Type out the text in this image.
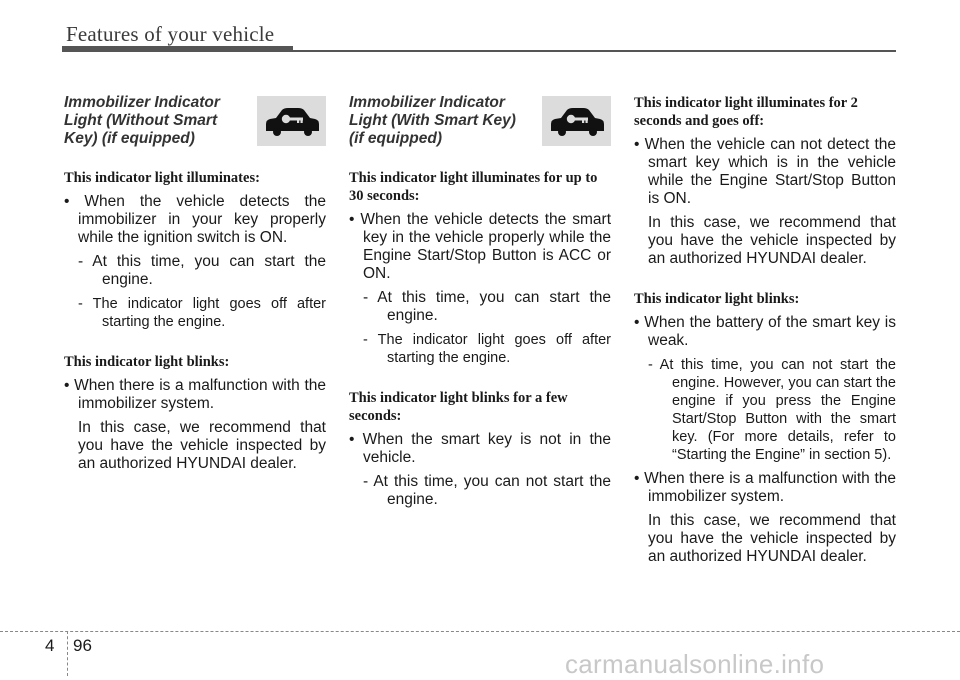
Features of your vehicle
Immobilizer Indicator Light (Without Smart Key) (if equipped)

This indicator light illuminates:

• When the vehicle detects the immobilizer in your key properly while the ignition switch is ON.

- At this time, you can start the engine.

- The indicator light goes off after starting the engine.

This indicator light blinks:

• When there is a malfunction with the immobilizer system.

In this case, we recommend that you have the vehicle inspected by an authorized HYUNDAI dealer.

Immobilizer Indicator Light (With Smart Key) (if equipped)

This indicator light illuminates for up to 30 seconds:

• When the vehicle detects the smart key in the vehicle properly while the Engine Start/Stop Button is ACC or ON.

- At this time, you can start the engine.

- The indicator light goes off after starting the engine.

This indicator light blinks for a few seconds:

• When the smart key is not in the vehicle.

- At this time, you can not start the engine.

This indicator light illuminates for 2 seconds and goes off:

• When the vehicle can not detect the smart key which is in the vehicle while the Engine Start/Stop Button is ON.

In this case, we recommend that you have the vehicle inspected by an authorized HYUNDAI dealer.

This indicator light blinks:

• When the battery of the smart key is weak.

- At this time, you can not start the engine. However, you can start the engine if you press the Engine Start/Stop Button with the smart key. (For more details, refer to “Starting the Engine” in section 5).

• When there is a malfunction with the immobilizer system.

In this case, we recommend that you have the vehicle inspected by an authorized HYUNDAI dealer.

4 96
carmanualsonline.info
